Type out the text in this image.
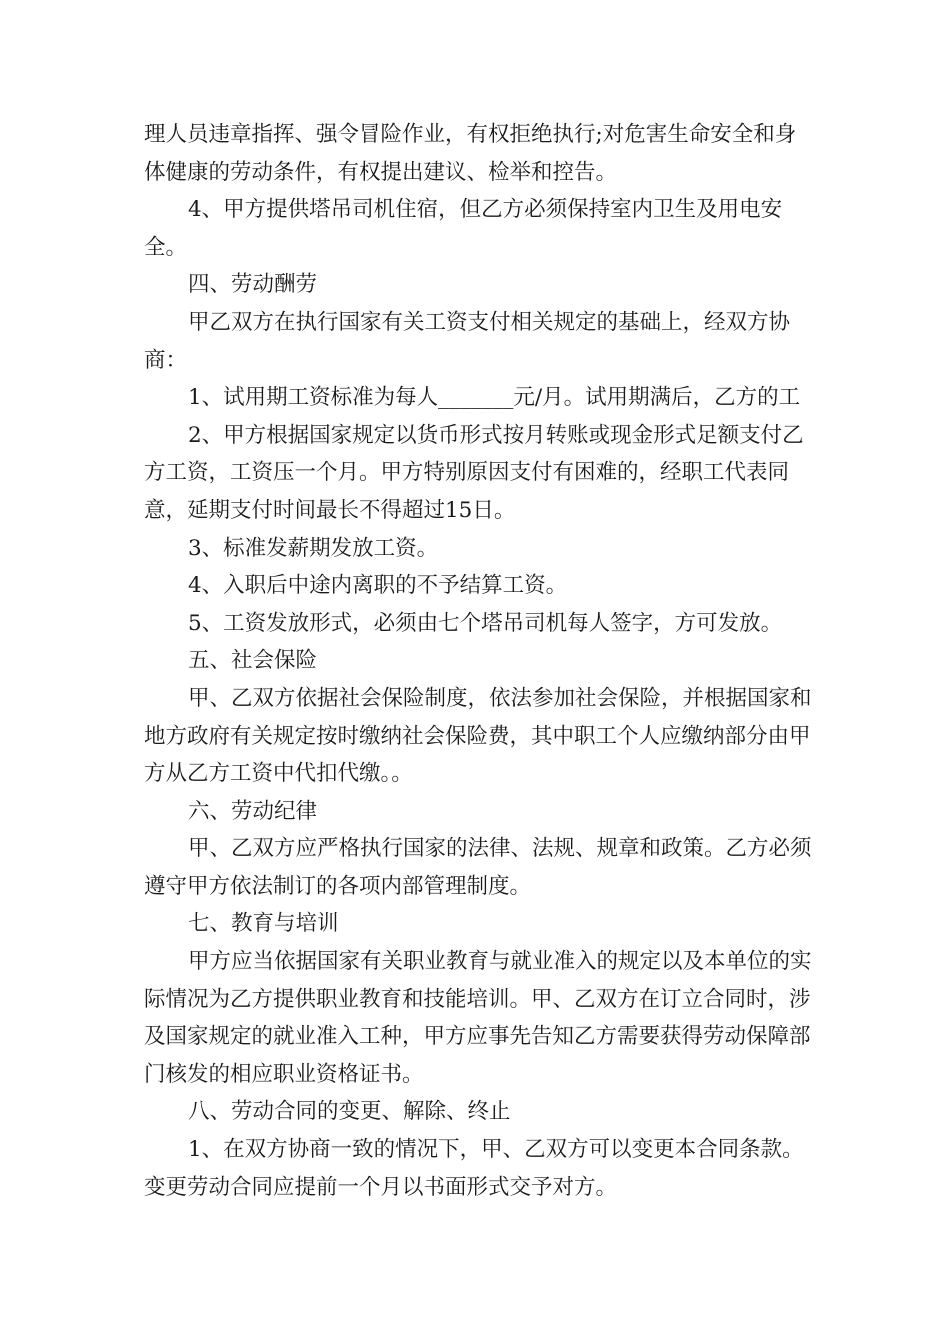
理人员违章指挥、强令冒险作业，有权拒绝执行;对危害生命安全和身体健康的劳动条件，有权提出建议、检举和控告。

4、甲方提供塔吊司机住宿，但乙方必须保持室内卫生及用电安全。

四、劳动酬劳

甲乙双方在执行国家有关工资支付相关规定的基础上，经双方协商：

1、试用期工资标准为每人_______元/月。试用期满后，乙方的工

2、甲方根据国家规定以货币形式按月转账或现金形式足额支付乙方工资，工资压一个月。甲方特别原因支付有困难的，经职工代表同意，延期支付时间最长不得超过15日。

3、标准发薪期发放工资。

4、入职后中途内离职的不予结算工资。

5、工资发放形式，必须由七个塔吊司机每人签字，方可发放。

五、社会保险

甲、乙双方依据社会保险制度，依法参加社会保险，并根据国家和地方政府有关规定按时缴纳社会保险费，其中职工个人应缴纳部分由甲方从乙方工资中代扣代缴。。

六、劳动纪律

甲、乙双方应严格执行国家的法律、法规、规章和政策。乙方必须遵守甲方依法制订的各项内部管理制度。

七、教育与培训

甲方应当依据国家有关职业教育与就业准入的规定以及本单位的实际情况为乙方提供职业教育和技能培训。甲、乙双方在订立合同时，涉及国家规定的就业准入工种，甲方应事先告知乙方需要获得劳动保障部门核发的相应职业资格证书。

八、劳动合同的变更、解除、终止

1、在双方协商一致的情况下，甲、乙双方可以变更本合同条款。变更劳动合同应提前一个月以书面形式交予对方。
